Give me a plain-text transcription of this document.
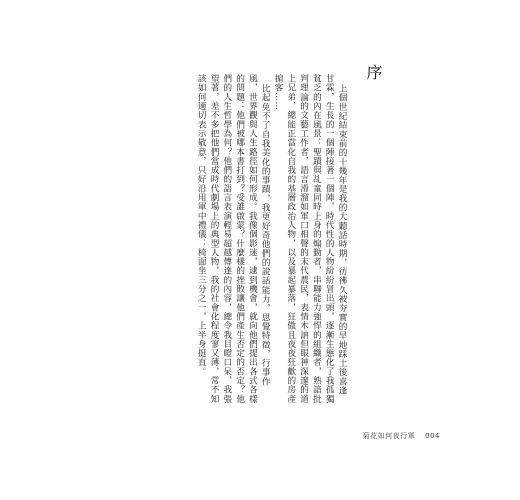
序

上個世紀結束前的十幾年是我的大聽話時期，彷彿久被夯實的旱地踩土後喜逢甘霖，生長的一個陣接著一個陣，時代性的人物紛紛冒出頭，逐漸生態化了我孤獨貧乏的內在風景：聖蹟與乩童同時上身的煽動者，串聯能力強悍的組織者，熟諳批判理論的文藝工作者，語言滑溜如軍口相聲的末代農民，表情木訥但眼神深邃的道上兄弟，總能正當化自我的基層政治人物，以及暴起暴落，狂傲且夜夜狂歡的房產掮客……

比起免不了自我美化的事蹟，我更好奇他們的說話能力，思覺特徵，行事作風，世界觀與人生路徑如何形成。我像個影迷，逮到機會，就向他們提出各式各樣的問題：他們被哪本書打到？受誰啟蒙？什麼樣的挫敗讓他們產生否定的否定？他們的人生哲學為何？他們的語言表演輕易超越傳達的內容，總令我目瞪口呆，我張望著，差不多把他們當成時代劇場上的典型人物，我的社會化程度寥又薄，常不知該如何適切表示敬意，只好沿用軍中禮儀：椅面坐三分之一，上半身挺直。

菊花如何夜行軍 004
